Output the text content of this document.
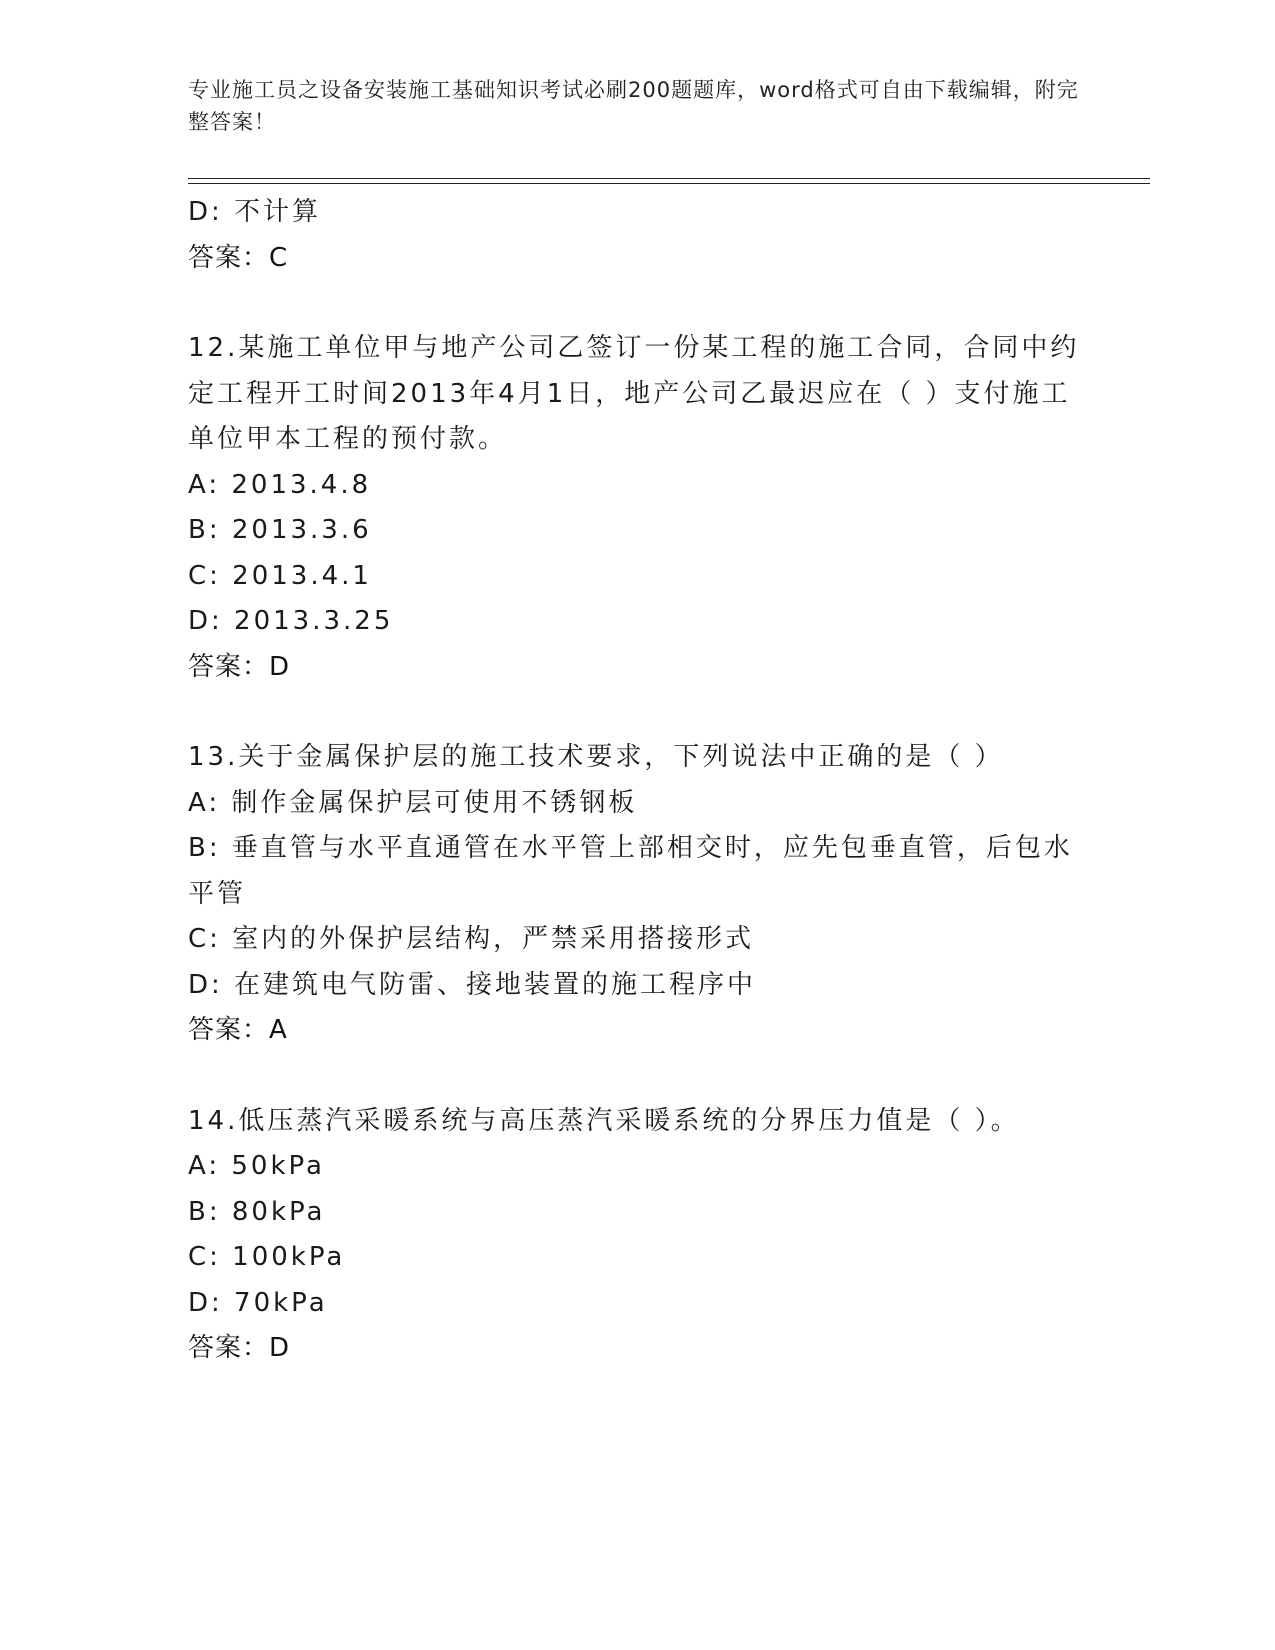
专业施工员之设备安装施工基础知识考试必刷200题题库，word格式可自由下载编辑，附完整答案！
D: 不计算
答案：C
12.某施工单位甲与地产公司乙签订一份某工程的施工合同，合同中约定工程开工时间2013年4月1日，地产公司乙最迟应在（ ）支付施工单位甲本工程的预付款。
A: 2013.4.8
B: 2013.3.6
C: 2013.4.1
D: 2013.3.25
答案：D
13.关于金属保护层的施工技术要求，下列说法中正确的是（ ）
A: 制作金属保护层可使用不锈钢板
B: 垂直管与水平直通管在水平管上部相交时，应先包垂直管，后包水平管
C: 室内的外保护层结构，严禁采用搭接形式
D: 在建筑电气防雷、接地装置的施工程序中
答案：A
14.低压蒸汽采暖系统与高压蒸汽采暖系统的分界压力值是（ ）。
A: 50kPa
B: 80kPa
C: 100kPa
D: 70kPa
答案：D
